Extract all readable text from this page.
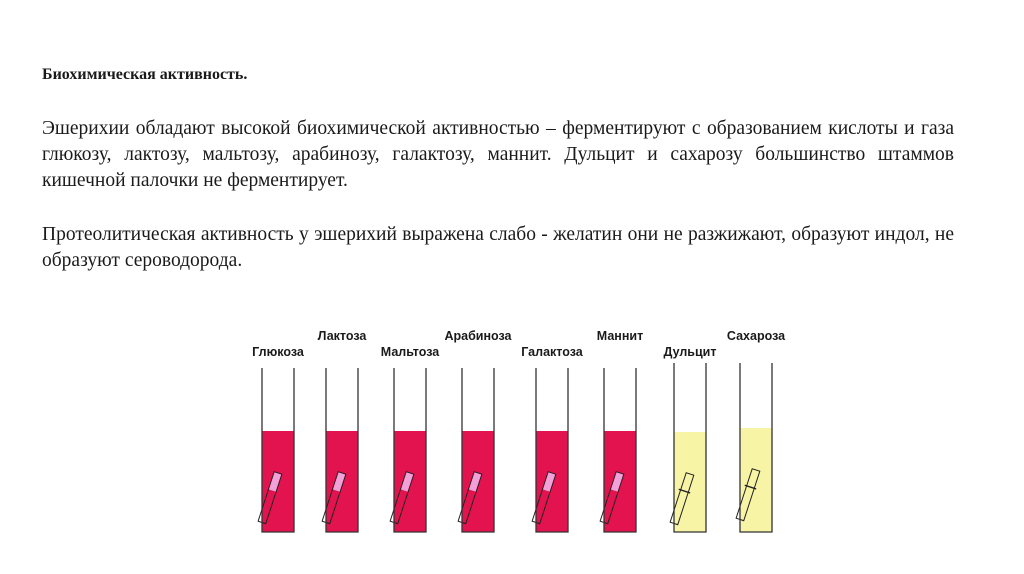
Биохимическая активность.

Эшерихии обладают высокой биохимической активностью – ферментируют с образованием кислоты и газа глюкозу, лактозу, мальтозу, арабинозу, галактозу, маннит. Дульцит и сахарозу большинство штаммов кишечной палочки не ферментирует.

Протеолитическая активность у эшерихий выражена слабо - желатин они не разжижают, образуют индол, не образуют сероводорода.

Глюкоза
Лактоза
Мальтоза
Арабиноза
Галактоза
Маннит
Дульцит
Сахароза
